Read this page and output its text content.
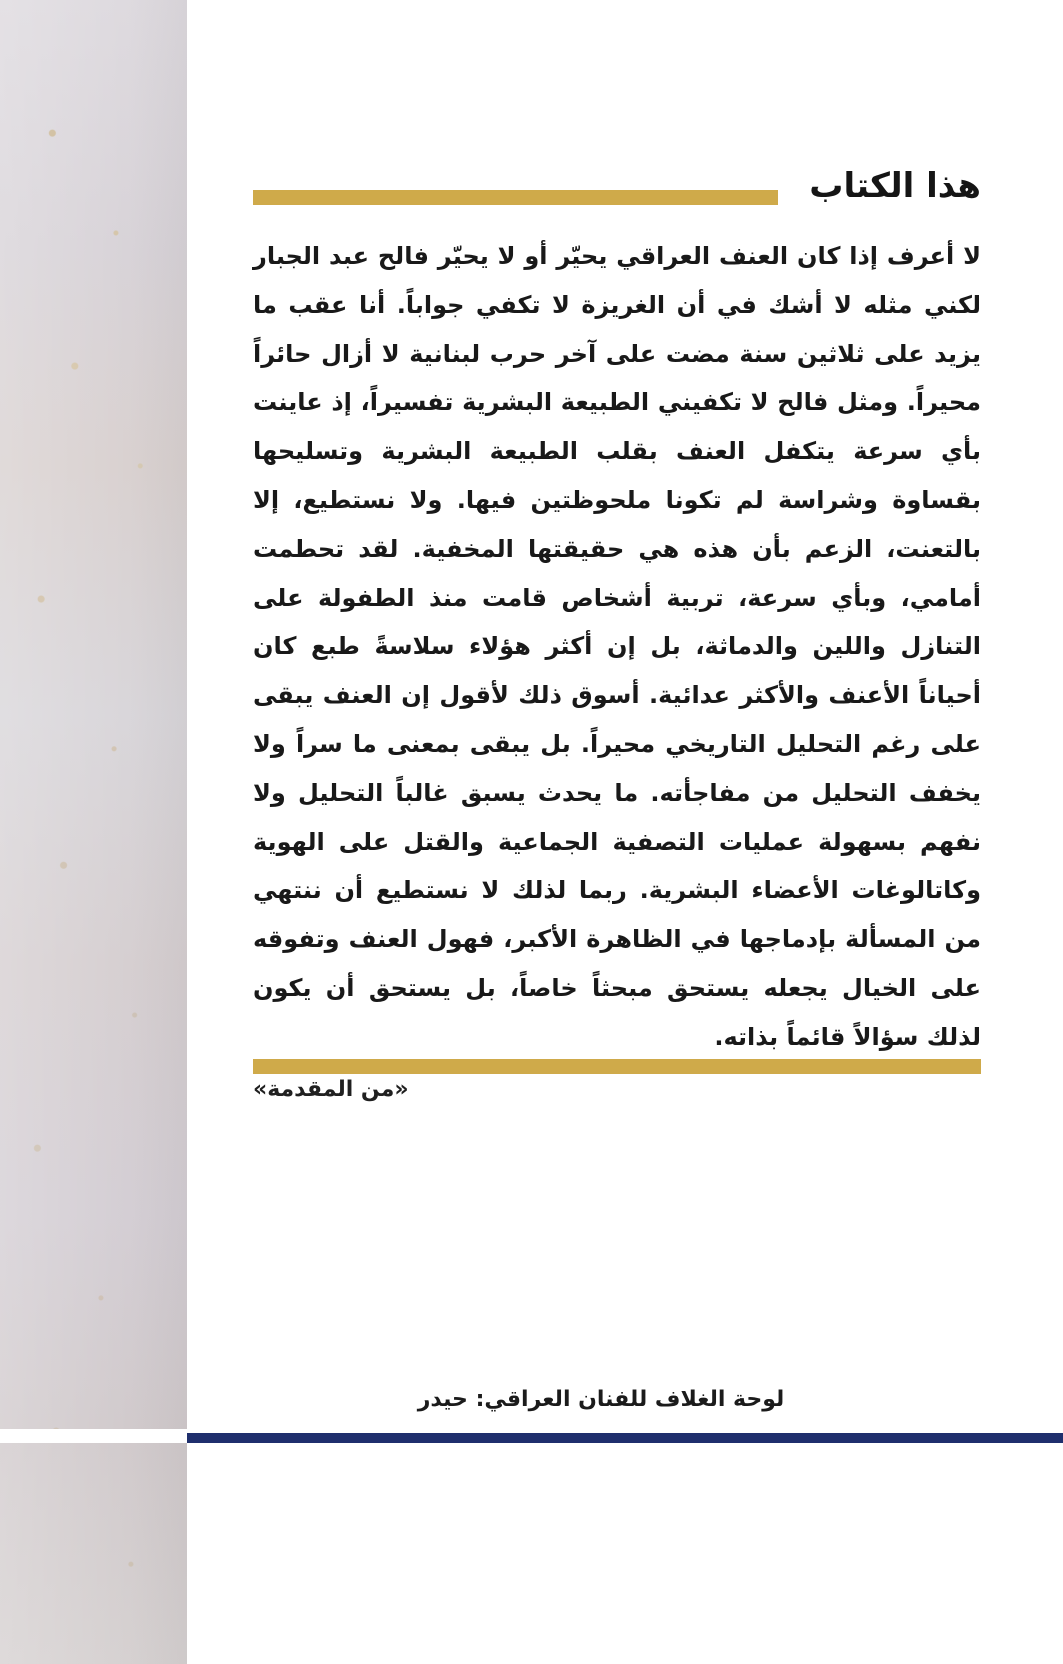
هذا الكتاب

لا أعرف إذا كان العنف العراقي يحيّر أو لا يحيّر فالح عبد الجبار لكني مثله لا أشك في أن الغريزة لا تكفي جواباً. أنا عقب ما يزيد على ثلاثين سنة مضت على آخر حرب لبنانية لا أزال حائراً محيراً. ومثل فالح لا تكفيني الطبيعة البشرية تفسيراً، إذ عاينت بأي سرعة يتكفل العنف بقلب الطبيعة البشرية وتسليحها بقساوة وشراسة لم تكونا ملحوظتين فيها. ولا نستطيع، إلا بالتعنت، الزعم بأن هذه هي حقيقتها المخفية. لقد تحطمت أمامي، وبأي سرعة، تربية أشخاص قامت منذ الطفولة على التنازل واللين والدماثة، بل إن أكثر هؤلاء سلاسةً طبع كان أحياناً الأعنف والأكثر عدائية. أسوق ذلك لأقول إن العنف يبقى على رغم التحليل التاريخي محيراً. بل يبقى بمعنى ما سراً ولا يخفف التحليل من مفاجأته. ما يحدث يسبق غالباً التحليل ولا نفهم بسهولة عمليات التصفية الجماعية والقتل على الهوية وكاتالوغات الأعضاء البشرية. ربما لذلك لا نستطيع أن ننتهي من المسألة بإدماجها في الظاهرة الأكبر، فهول العنف وتفوقه على الخيال يجعله يستحق مبحثاً خاصاً، بل يستحق أن يكون لذلك سؤالاً قائماً بذاته.

«من المقدمة»
لوحة الغلاف للفنان العراقي: حيدر
